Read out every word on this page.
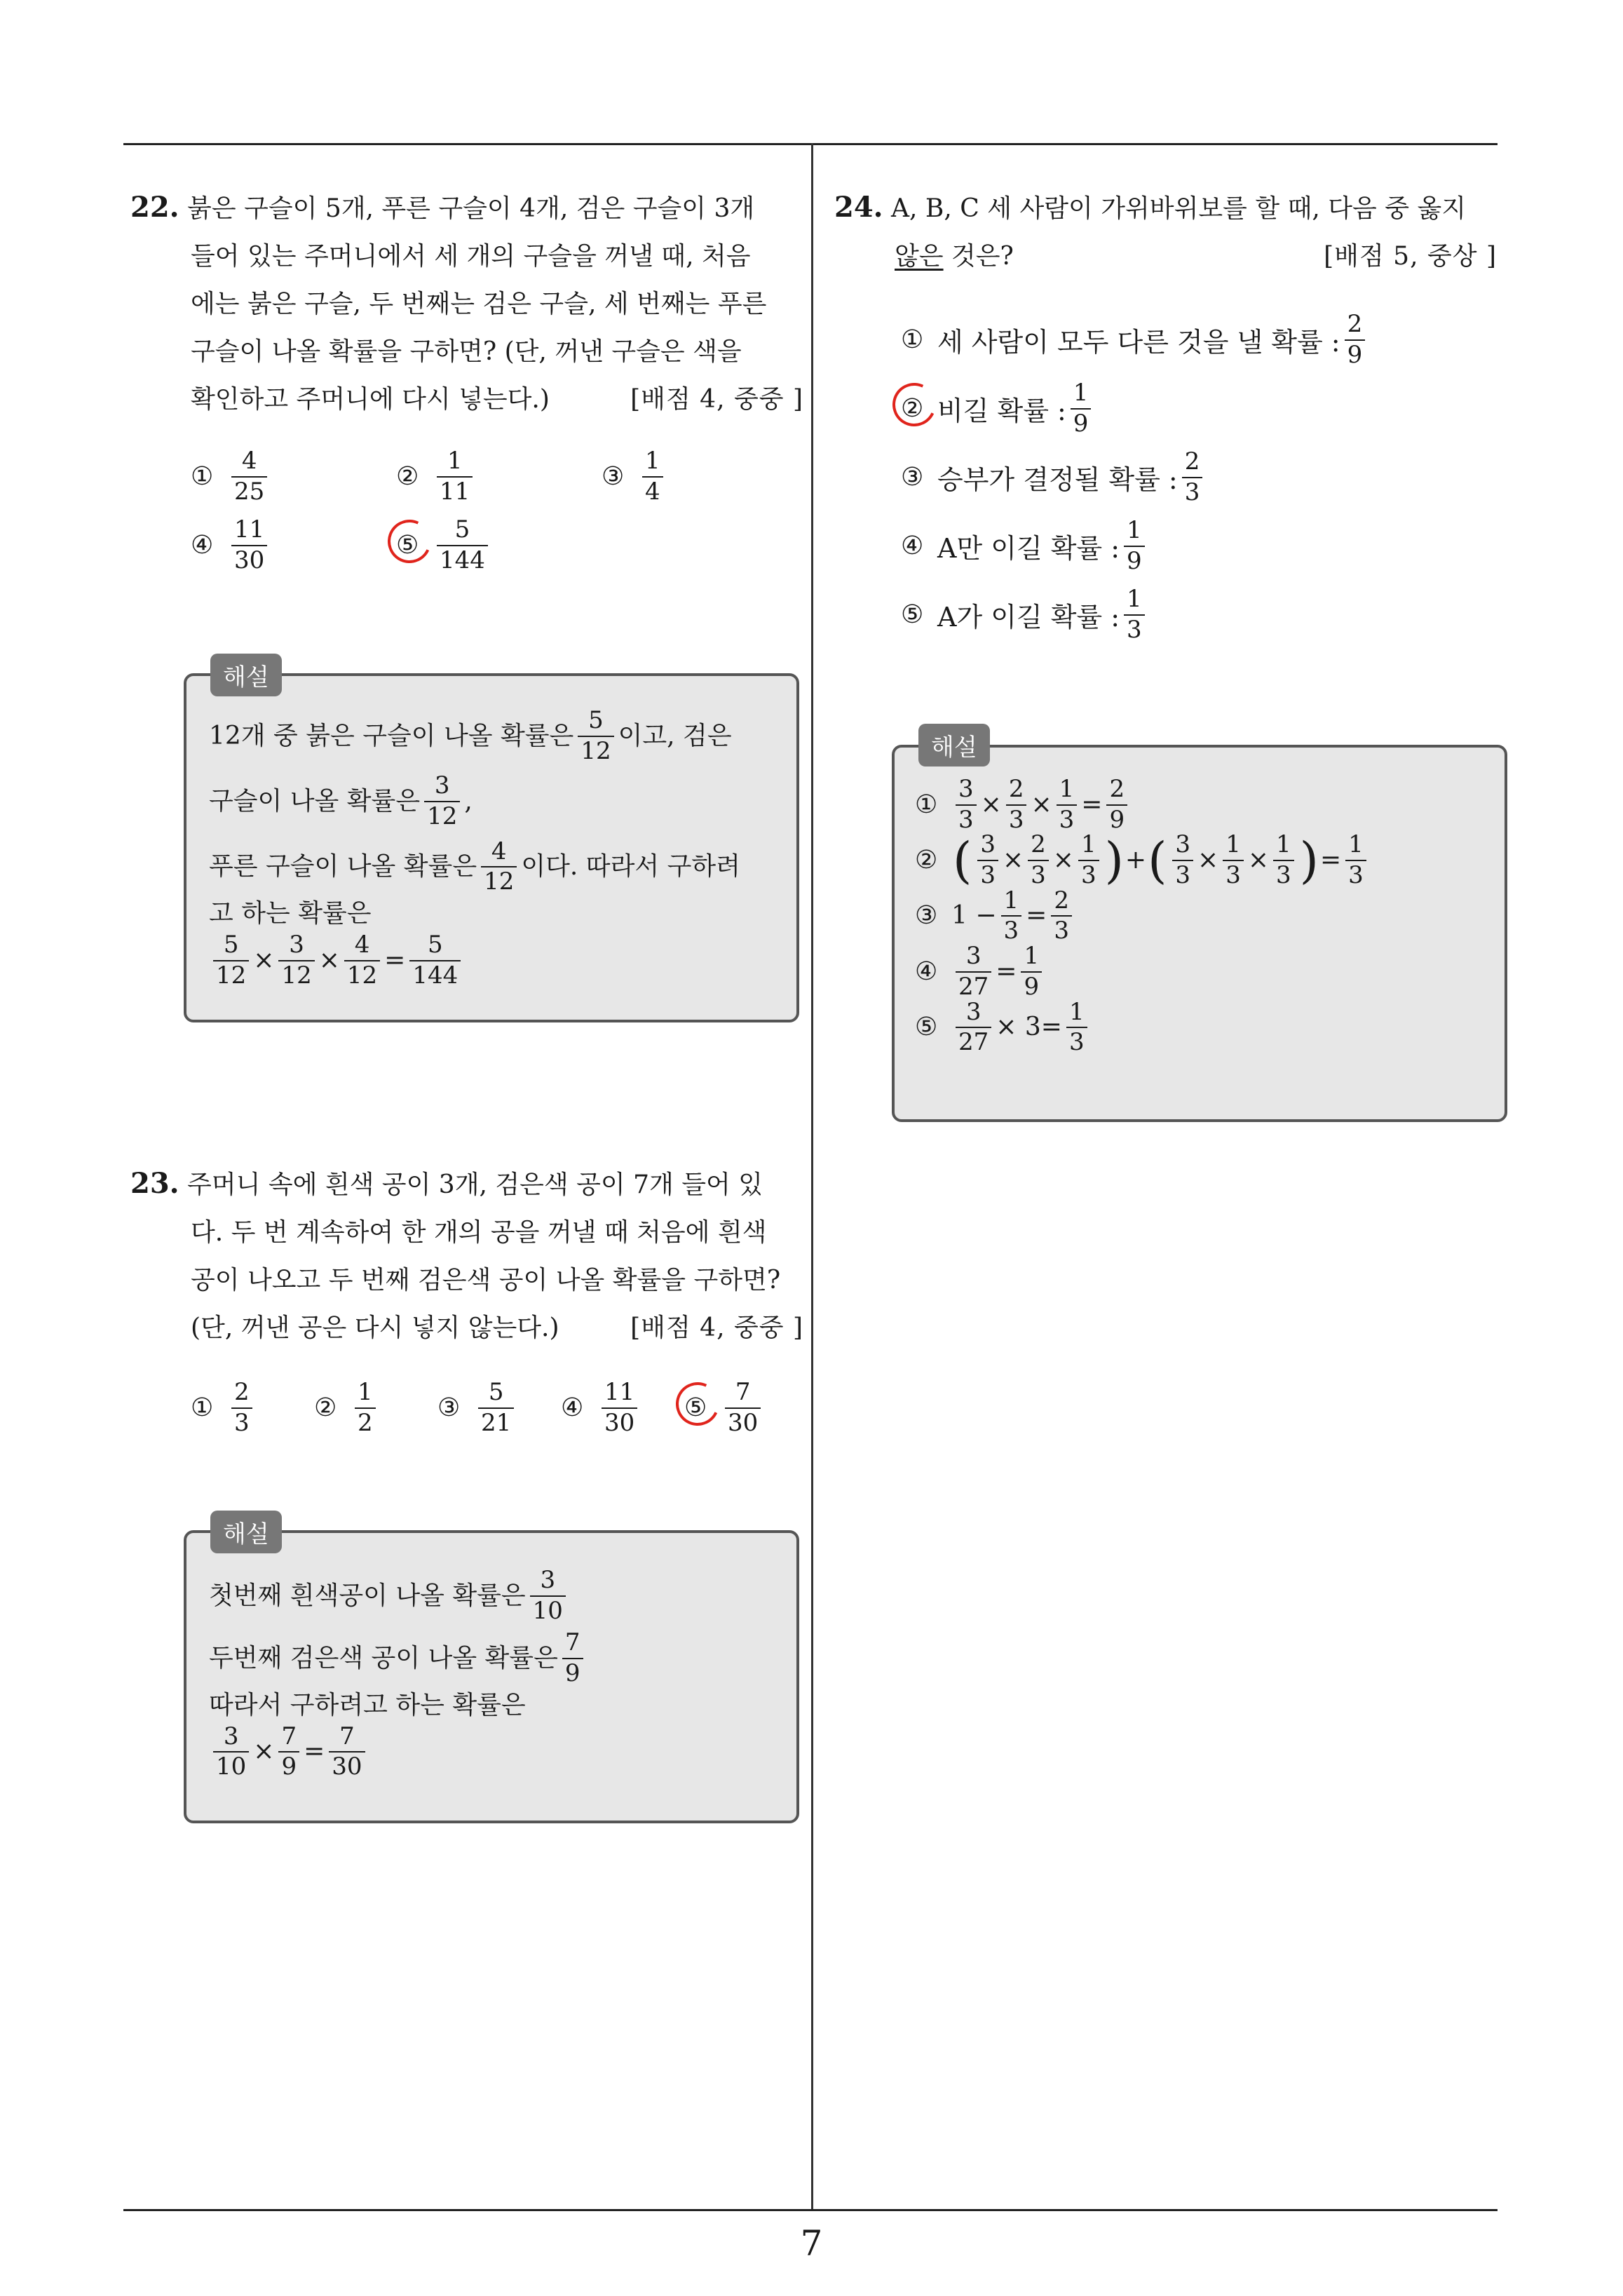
22. 붉은 구슬이 5개, 푸른 구슬이 4개, 검은 구슬이 3개
들어 있는 주머니에서 세 개의 구슬을 꺼낼 때, 처음
에는 붉은 구슬, 두 번째는 검은 구슬, 세 번째는 푸른
구슬이 나올 확률을 구하면? (단, 꺼낸 구슬은 색을
확인하고 주머니에 다시 넣는다.)	[배점 4, 중중 ]
① $\frac{4}{25}$	② $\frac{1}{11}$	③ $\frac{1}{4}$
④ $\frac{11}{30}$	⑤ $\frac{5}{144}$
해설
12개 중 붉은 구슬이 나올 확률은 $\frac{5}{12}$ 이고, 검은
구슬이 나올 확률은 $\frac{3}{12}$ ,
푸른 구슬이 나올 확률은 $\frac{4}{12}$ 이다. 따라서 구하려
고 하는 확률은
$\frac{5}{12} \times \frac{3}{12} \times \frac{4}{12} = \frac{5}{144}$
23. 주머니 속에 흰색 공이 3개, 검은색 공이 7개 들어 있
다. 두 번 계속하여 한 개의 공을 꺼낼 때 처음에 흰색
공이 나오고 두 번째 검은색 공이 나올 확률을 구하면?
(단, 꺼낸 공은 다시 넣지 않는다.)	[배점 4, 중중 ]
① $\frac{2}{3}$ ② $\frac{1}{2}$ ③ $\frac{5}{21}$ ④ $\frac{11}{30}$ ⑤ $\frac{7}{30}$
해설
첫번째 흰색공이 나올 확률은 $\frac{3}{10}$
두번째 검은색 공이 나올 확률은 $\frac{7}{9}$
따라서 구하려고 하는 확률은
$\frac{3}{10} \times \frac{7}{9} = \frac{7}{30}$
24. A, B, C 세 사람이 가위바위보를 할 때, 다음 중 옳지
않은 것은?	[배점 5, 중상 ]
① 세 사람이 모두 다른 것을 낼 확률 : $\frac{2}{9}$
② 비길 확률 : $\frac{1}{9}$
③ 승부가 결정될 확률 : $\frac{2}{3}$
④ A만 이길 확률 : $\frac{1}{9}$
⑤ A가 이길 확률 : $\frac{1}{3}$
해설
① $\frac{3}{3} \times \frac{2}{3} \times \frac{1}{3} = \frac{2}{9}$
② ( $\frac{3}{3} \times \frac{2}{3} \times \frac{1}{3}$ ) + ( $\frac{3}{3} \times \frac{1}{3} \times \frac{1}{3}$ ) = $\frac{1}{3}$
③ $1 - \frac{1}{3} = \frac{2}{3}$
④ $\frac{3}{27} = \frac{1}{9}$
⑤ $\frac{3}{27} \times 3 = \frac{1}{3}$
7
